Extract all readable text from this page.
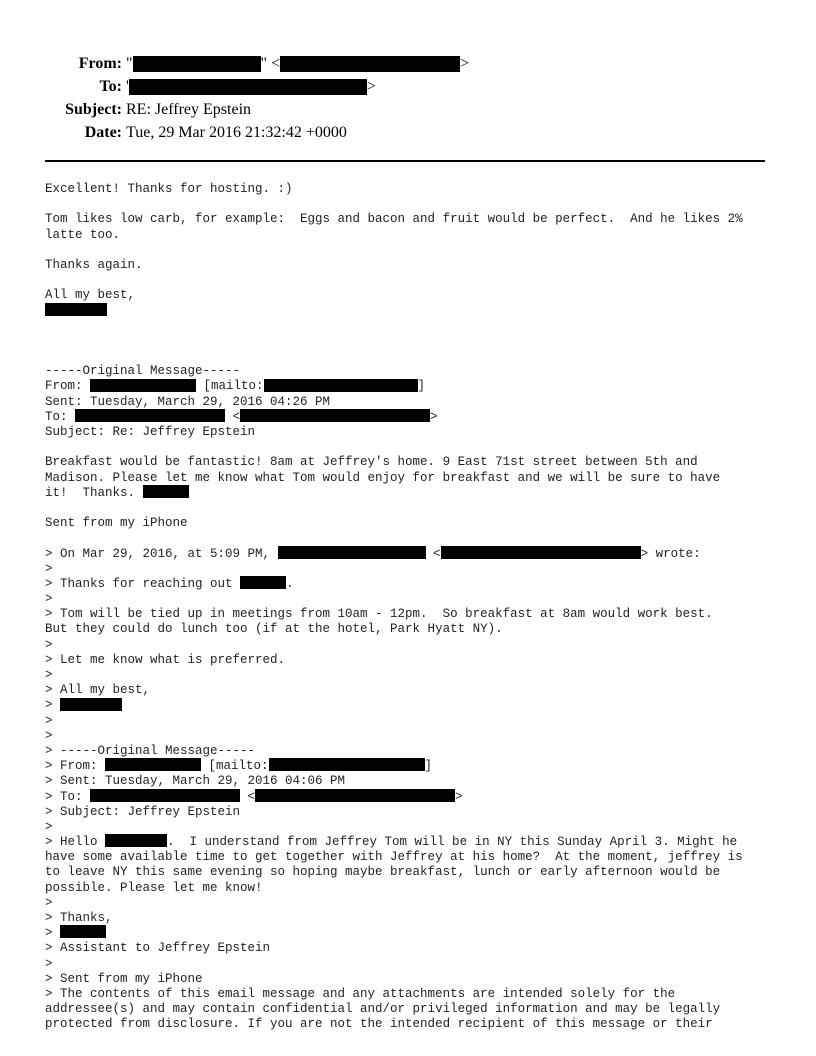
From: "	" <	>
To: '	>
Subject: RE: Jeffrey Epstein
Date: Tue, 29 Mar 2016 21:32:42 +0000
Excellent! Thanks for hosting. :)
Tom likes low carb, for example:  Eggs and bacon and fruit would be perfect.  And he likes 2%
latte too.
Thanks again.
All my best,
-----Original Message-----
From:	[mailto:	]
Sent: Tuesday, March 29, 2016 04:26 PM
To:	<	>
Subject: Re: Jeffrey Epstein
Breakfast would be fantastic! 8am at Jeffrey's home. 9 East 71st street between 5th and
Madison. Please let me know what Tom would enjoy for breakfast and we will be sure to have
it!  Thanks.
Sent from my iPhone
> On Mar 29, 2016, at 5:09 PM,	<	> wrote:
>
> Thanks for reaching out	.
>
> Tom will be tied up in meetings from 10am - 12pm.  So breakfast at 8am would work best.
But they could do lunch too (if at the hotel, Park Hyatt NY).
>
> Let me know what is preferred.
>
> All my best,
>
>
>
> -----Original Message-----
> From:	[mailto:	]
> Sent: Tuesday, March 29, 2016 04:06 PM
> To:	<	>
> Subject: Jeffrey Epstein
>
> Hello	.  I understand from Jeffrey Tom will be in NY this Sunday April 3. Might he
have some available time to get together with Jeffrey at his home?  At the moment, jeffrey is
to leave NY this same evening so hoping maybe breakfast, lunch or early afternoon would be
possible. Please let me know!
>
> Thanks,
>
> Assistant to Jeffrey Epstein
>
> Sent from my iPhone
> The contents of this email message and any attachments are intended solely for the
addressee(s) and may contain confidential and/or privileged information and may be legally
protected from disclosure. If you are not the intended recipient of this message or their
